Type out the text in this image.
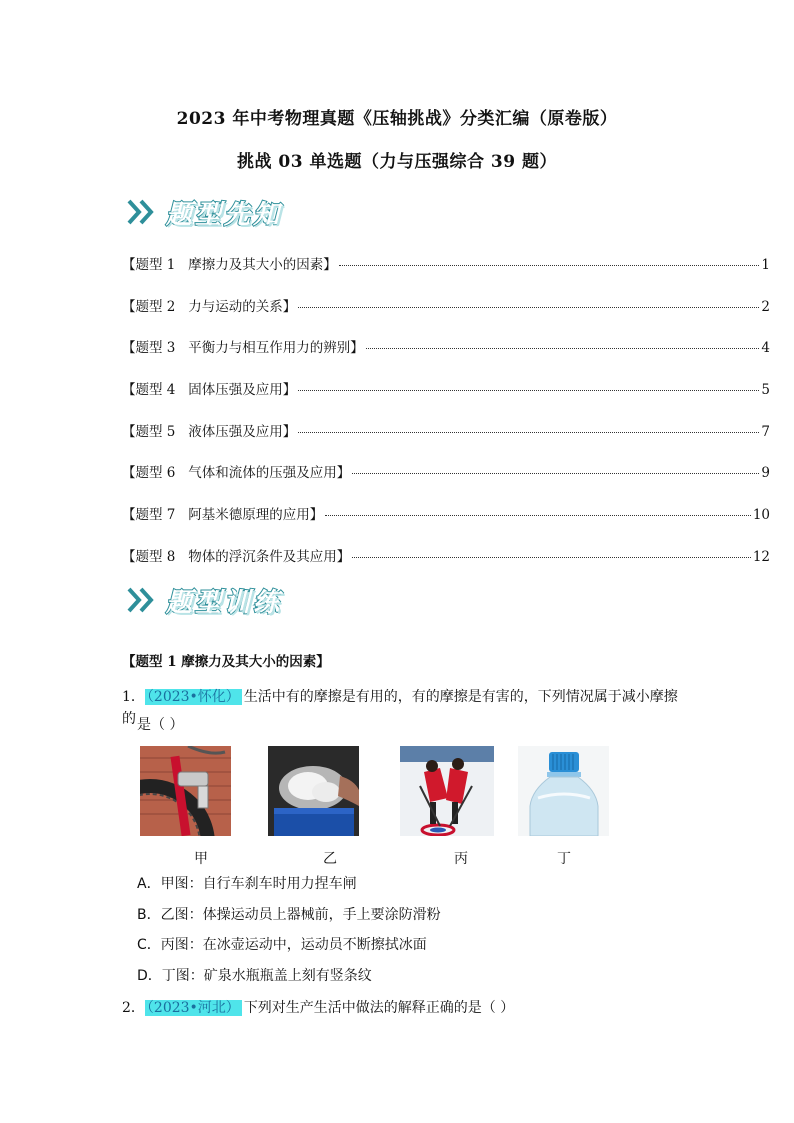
2023 年中考物理真题《压轴挑战》分类汇编（原卷版）
挑战 03 单选题（力与压强综合 39 题）
题型先知
【题型 1   摩擦力及其大小的因素】	1
【题型 2   力与运动的关系】	2
【题型 3   平衡力与相互作用力的辨别】	4
【题型 4   固体压强及应用】	5
【题型 5   液体压强及应用】	7
【题型 6   气体和流体的压强及应用】	9
【题型 7   阿基米德原理的应用】	10
【题型 8   物体的浮沉条件及其应用】	12
题型训练
【题型 1 摩擦力及其大小的因素】
1． （2023•怀化） 生活中有的摩擦是有用的，有的摩擦是有害的，下列情况属于减小摩擦的 是（ ）
甲	乙	丙	丁
A．甲图：自行车刹车时用力捏车闸
B．乙图：体操运动员上器械前，手上要涂防滑粉
C．丙图：在冰壶运动中，运动员不断擦拭冰面
D．丁图：矿泉水瓶瓶盖上刻有竖条纹
2． （2023•河北） 下列对生产生活中做法的解释正确的是（ ）
